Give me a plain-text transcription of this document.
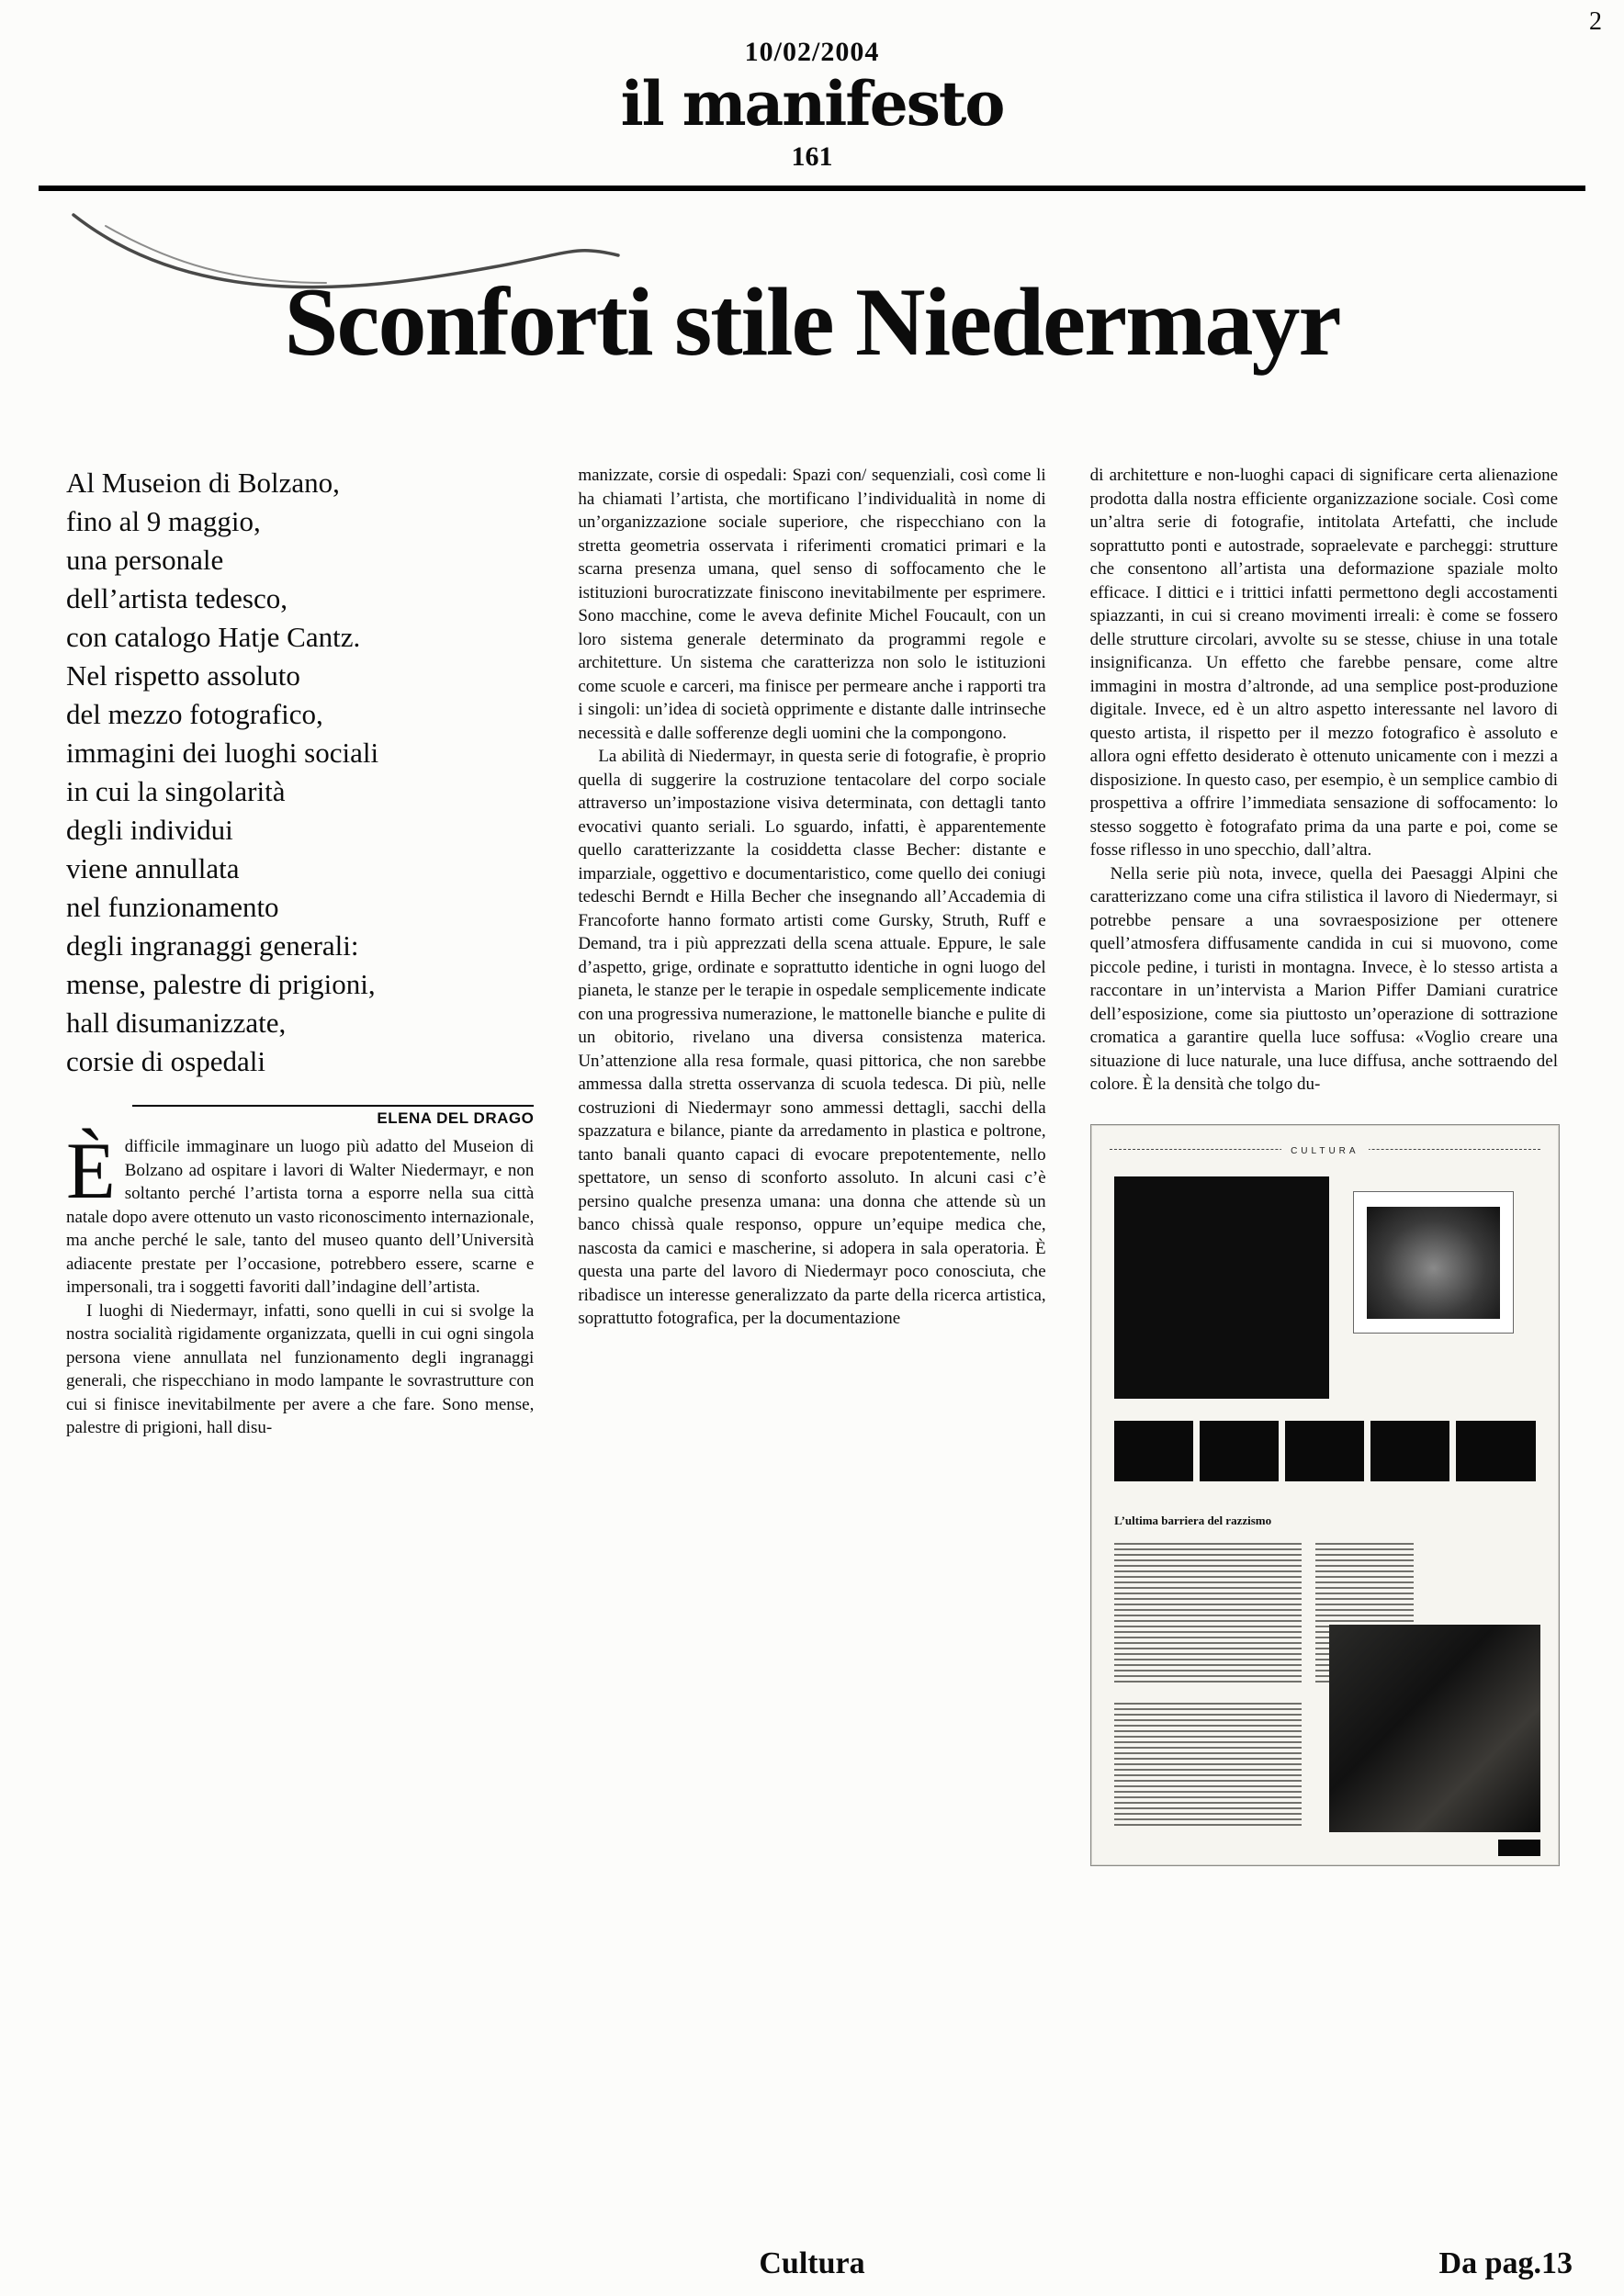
2
10/02/2004
il manifesto
161
Sconforti stile Niedermayr
Al Museion di Bolzano,
fino al 9 maggio,
una personale
dell’artista tedesco,
con catalogo Hatje Cantz.
Nel rispetto assoluto
del mezzo fotografico,
immagini dei luoghi sociali
in cui la singolarità
degli individui
viene annullata
nel funzionamento
degli ingranaggi generali:
mense, palestre di prigioni,
hall disumanizzate,
corsie di ospedali
ELENA DEL DRAGO

Èdifficile immaginare un luogo più adatto del Museion di Bolzano ad ospitare i lavori di Walter Niedermayr, e non soltanto perché l’artista torna a esporre nella sua città natale dopo avere ottenuto un vasto riconoscimento internazionale, ma anche perché le sale, tanto del museo quanto dell’Università adiacente prestate per l’occasione, potrebbero essere, scarne e impersonali, tra i soggetti favoriti dall’indagine dell’artista.

I luoghi di Niedermayr, infatti, sono quelli in cui si svolge la nostra socialità rigidamente organizzata, quelli in cui ogni singola persona viene annullata nel funzionamento degli ingranaggi generali, che rispecchiano in modo lampante le sovrastrutture con cui si finisce inevitabilmente per avere a che fare. Sono mense, palestre di prigioni, hall disu-

manizzate, corsie di ospedali: Spazi con/ sequenziali, così come li ha chiamati l’artista, che mortificano l’individualità in nome di un’organizzazione sociale superiore, che rispecchiano con la stretta geometria osservata i riferimenti cromatici primari e la scarna presenza umana, quel senso di soffocamento che le istituzioni burocratizzate finiscono inevitabilmente per esprimere. Sono macchine, come le aveva definite Michel Foucault, con un loro sistema generale determinato da programmi regole e architetture. Un sistema che caratterizza non solo le istituzioni come scuole e carceri, ma finisce per permeare anche i rapporti tra i singoli: un’idea di società opprimente e distante dalle intrinseche necessità e dalle sofferenze degli uomini che la compongono.

La abilità di Niedermayr, in questa serie di fotografie, è proprio quella di suggerire la costruzione tentacolare del corpo sociale attraverso un’impostazione visiva determinata, con dettagli tanto evocativi quanto seriali. Lo sguardo, infatti, è apparentemente quello caratterizzante la cosiddetta classe Becher: distante e imparziale, oggettivo e documentaristico, come quello dei coniugi tedeschi Berndt e Hilla Becher che insegnando all’Accademia di Francoforte hanno formato artisti come Gursky, Struth, Ruff e Demand, tra i più apprezzati della scena attuale. Eppure, le sale d’aspetto, grige, ordinate e soprattutto identiche in ogni luogo del pianeta, le stanze per le terapie in ospedale semplicemente indicate con una progressiva numerazione, le mattonelle bianche e pulite di un obitorio, rivelano una diversa consistenza materica. Un’attenzione alla resa formale, quasi pittorica, che non sarebbe ammessa dalla stretta osservanza di scuola tedesca. Di più, nelle costruzioni di Niedermayr sono ammessi dettagli, sacchi della spazzatura e bilance, piante da arredamento in plastica e poltrone, tanto banali quanto capaci di evocare prepotentemente, nello spettatore, un senso di sconforto assoluto. In alcuni casi c’è persino qualche presenza umana: una donna che attende sù un banco chissà quale responso, oppure un’equipe medica che, nascosta da camici e mascherine, si adopera in sala operatoria. È questa una parte del lavoro di Niedermayr poco conosciuta, che ribadisce un interesse generalizzato da parte della ricerca artistica, soprattutto fotografica, per la documentazione

di architetture e non-luoghi capaci di significare certa alienazione prodotta dalla nostra efficiente organizzazione sociale. Così come un’altra serie di fotografie, intitolata Artefatti, che include soprattutto ponti e autostrade, sopraelevate e parcheggi: strutture che consentono all’artista una deformazione spaziale molto efficace. I dittici e i trittici infatti permettono degli accostamenti spiazzanti, in cui si creano movimenti irreali: è come se fossero delle strutture circolari, avvolte su se stesse, chiuse in una totale insignificanza. Un effetto che farebbe pensare, come altre immagini in mostra d’altronde, ad una semplice post-produzione digitale. Invece, ed è un altro aspetto interessante nel lavoro di questo artista, il rispetto per il mezzo fotografico è assoluto e allora ogni effetto desiderato è ottenuto unicamente con i mezzi a disposizione. In questo caso, per esempio, è un semplice cambio di prospettiva a offrire l’immediata sensazione di soffocamento: lo stesso soggetto è fotografato prima da una parte e poi, come se fosse riflesso in uno specchio, dall’altra.

Nella serie più nota, invece, quella dei Paesaggi Alpini che caratterizzano come una cifra stilistica il lavoro di Niedermayr, si potrebbe pensare a una sovraesposizione per ottenere quell’atmosfera diffusamente candida in cui si muovono, come piccole pedine, i turisti in montagna. Invece, è lo stesso artista a raccontare in un’intervista a Marion Piffer Damiani curatrice dell’esposizione, come sia piuttosto un’operazione di sottrazione cromatica a garantire quella luce soffusa: «Voglio creare una situazione di luce naturale, una luce diffusa, anche sottraendo del colore. È la densità che tolgo du-

CULTURA
L’ultima barriera del razzismo
Cultura	Da pag.13
